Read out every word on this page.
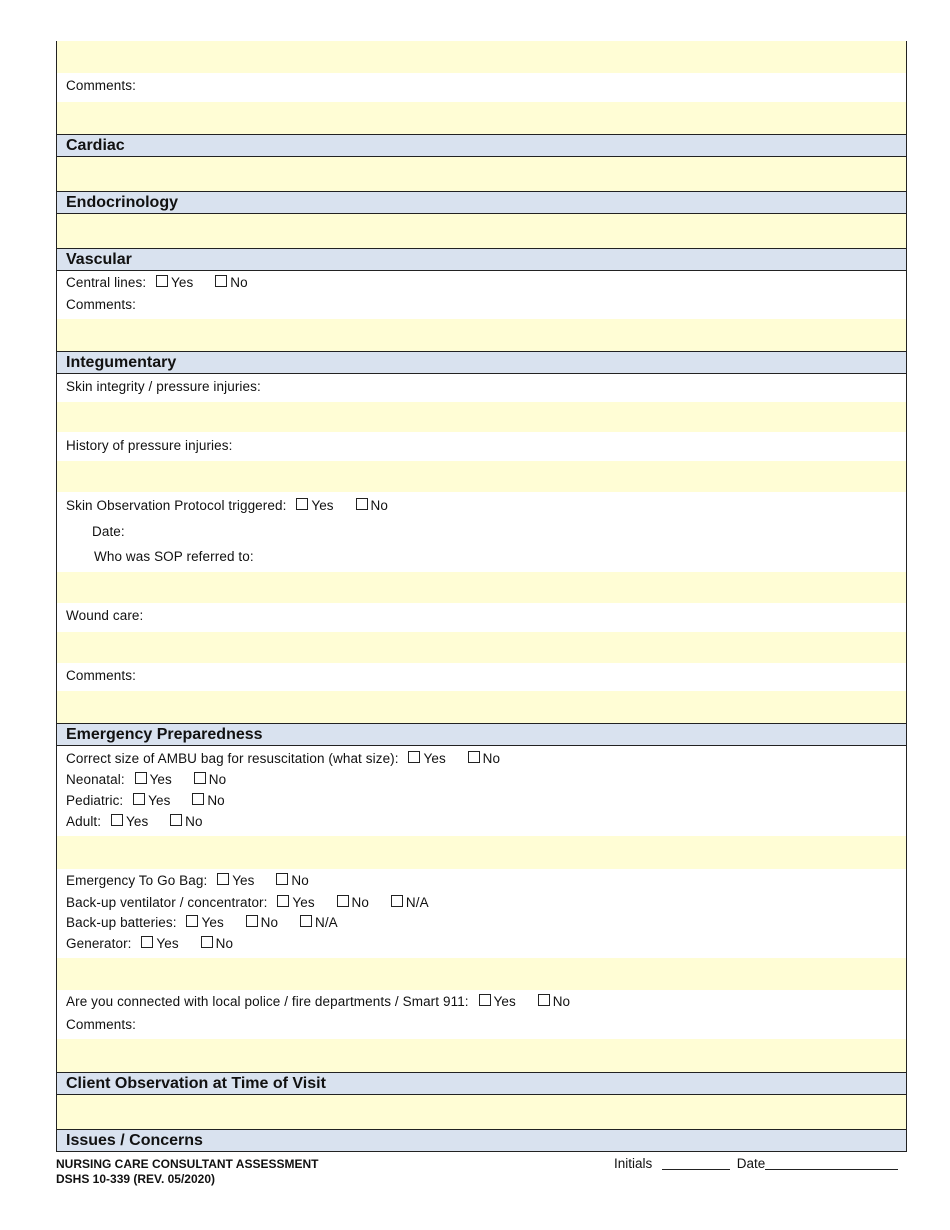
Comments:
Cardiac
Endocrinology
Vascular
Central lines: Yes	No
Comments:
Integumentary
Skin integrity / pressure injuries:
History of pressure injuries:
Skin Observation Protocol triggered: Yes	No
Date:
Who was SOP referred to:
Wound care:
Comments:
Emergency Preparedness
Correct size of AMBU bag for resuscitation (what size): Yes	No
Neonatal: Yes	No
Pediatric: Yes	No
Adult: Yes	No
Emergency To Go Bag: Yes	No
Back-up ventilator / concentrator: Yes	No	N/A
Back-up batteries: Yes	No	N/A
Generator: Yes	No
Are you connected with local police / fire departments / Smart 911: Yes	No
Comments:
Client Observation at Time of Visit
Issues / Concerns
NURSING CARE CONSULTANT ASSESSMENT
DSHS 10-339 (REV. 05/2020)
Initials	Date
